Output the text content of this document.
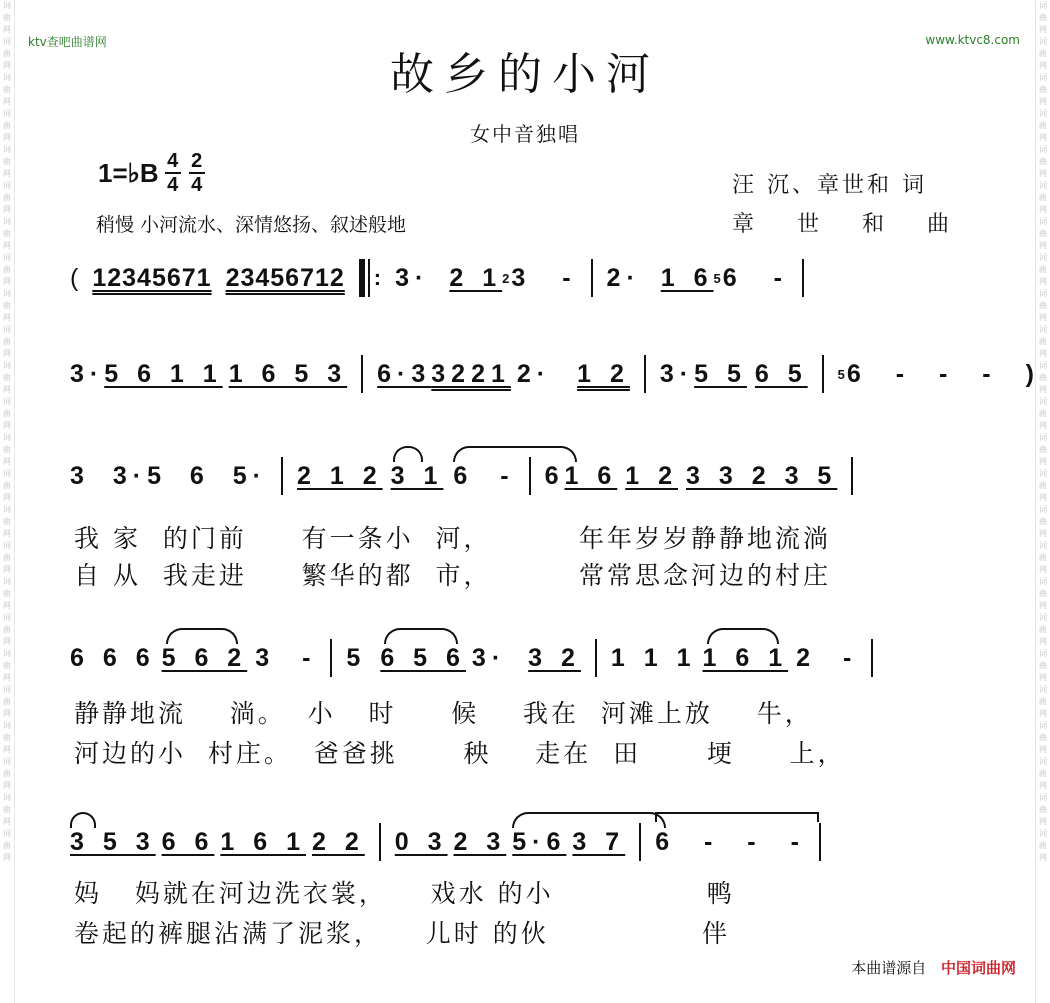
词曲网词曲网词曲网词曲网词曲网词曲网词曲网词曲网词曲网词曲网词曲网词曲网词曲网词曲网词曲网词曲网词曲网词曲网词曲网词曲网词曲网词曲网词曲网词曲网
词曲网词曲网词曲网词曲网词曲网词曲网词曲网词曲网词曲网词曲网词曲网词曲网词曲网词曲网词曲网词曲网词曲网词曲网词曲网词曲网词曲网词曲网词曲网词曲网
ktv查吧曲谱网	www.ktvc8.com
故乡的小河
女中音独唱
1=♭B $\frac{4}{4} \frac{2}{4}$	汪 沉、章世和 词
章 世 和 曲
稍慢 小河流水、深情悠扬、叙述般地
( 12345671 23456712 : 3· 2 1 2 3 - 2· 1 6 5 6 -
3· 5 6 1 1 1 6 5 3 6·3 3221 2· 1 2 3· 5 5 6 5 5 6 - - - )
3 3·5 6 5· 2 1 2 3 1 6 - 6 1 6 1 2 3 3 2 3 5
我 家  的门前     有一条小  河，        年年岁岁静静地流淌
自 从  我走进     繁华的都  市，        常常思念河边的村庄
6 6 6 5 6 2 3 - 5 6 5 6 3· 3 2 1 1 1 1 6 1 2 -
静静地流    淌。  小   时     候    我在  河滩上放    牛，
河边的小  村庄。  爸爸挑      秧    走在  田      埂     上，
3 5 3 6 6 1 6 1 2 2 0 3 2 3 5·6 3 7 6 - - -
妈   妈就在河边洗衣裳，    戏水 的小              鸭
卷起的裤腿沾满了泥浆，    儿时 的伙              伴
本曲谱源自 中国词曲网
